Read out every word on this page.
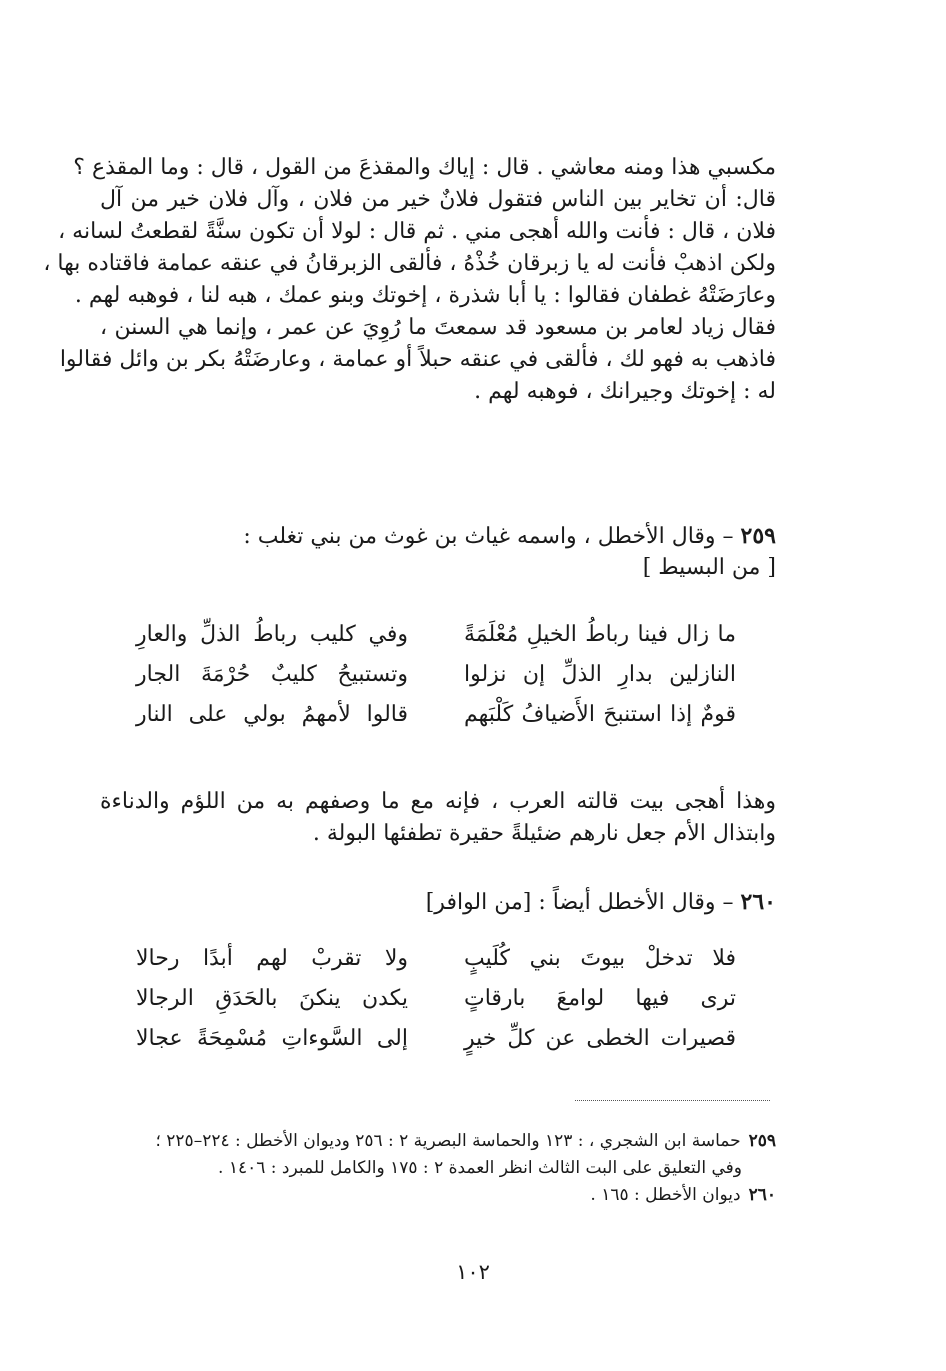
مكسبي هذا ومنه معاشي . قال : إياك والمقذعَ من القول ، قال : وما المقذع ؟
قال: أن تخاير بين الناس فتقول فلانٌ خير من فلان ، وآل فلان خير من آل
فلان ، قال : فأنت والله أهجى مني . ثم قال : لولا أن تكون سنَّةً لقطعتُ لسانه ،
ولكن اذهبْ فأنت له يا زبرقان خُذْهُ ، فألقى الزبرقانُ في عنقه عمامة فاقتاده بها ،
وعارَضَتْهُ غطفان فقالوا : يا أبا شذرة ، إخوتك وبنو عمك ، هبه لنا ، فوهبه لهم .
فقال زياد لعامر بن مسعود قد سمعتَ ما رُوِيَ عن عمر ، وإنما هي السنن ،
فاذهب به فهو لك ، فألقى في عنقه حبلاً أو عمامة ، وعارضَتْهُ بكر بن وائل فقالوا
له : إخوتك وجيرانك ، فوهبه لهم .
٢٥٩ – وقال الأخطل ، واسمه غياث بن غوث من بني تغلب :
[ من البسيط ]
ما زال فينا رباطُ الخيلِ مُعْلَمَةً
وفي كليب رباطُ الذلِّ والعارِ
النازلين بدارِ الذلِّ إن نزلوا
وتستبيحُ كليبٌ حُرْمَةَ الجار
قومٌ إذا استنبحَ الأَضيافُ كَلْبَهم
قالوا لأمهمُ بولي على النار
وهذا أهجى بيت قالته العرب ، فإنه مع ما وصفهم به من اللؤم والدناءة
وابتذال الأم جعل نارهم ضئيلةً حقيرة تطفئها البولة .
٢٦٠ – وقال الأخطل أيضاً : [من الوافر]
فلا تدخلْ بيوتَ بني كُلَيبٍ
ولا تقربْ لهم أبدًا رحالا
ترى فيها لوامعَ بارقاتٍ
يكدن ينكنَ بالحَدَقِ الرجالا
قصيرات الخطى عن كلِّ خيرٍ
إلى السَّوءاتِ مُسْمِحَةً عجالا
٢٥٩حماسة ابن الشجري ، : ١٢٣ والحماسة البصرية ٢ : ٢٥٦ وديوان الأخطل : ٢٢٤–٢٢٥ ؛
وفي التعليق على البت الثالث انظر العمدة ٢ : ١٧٥ والكامل للمبرد : ١٤٠٦ .
٢٦٠ديوان الأخطل : ١٦٥ .
١٠٢
